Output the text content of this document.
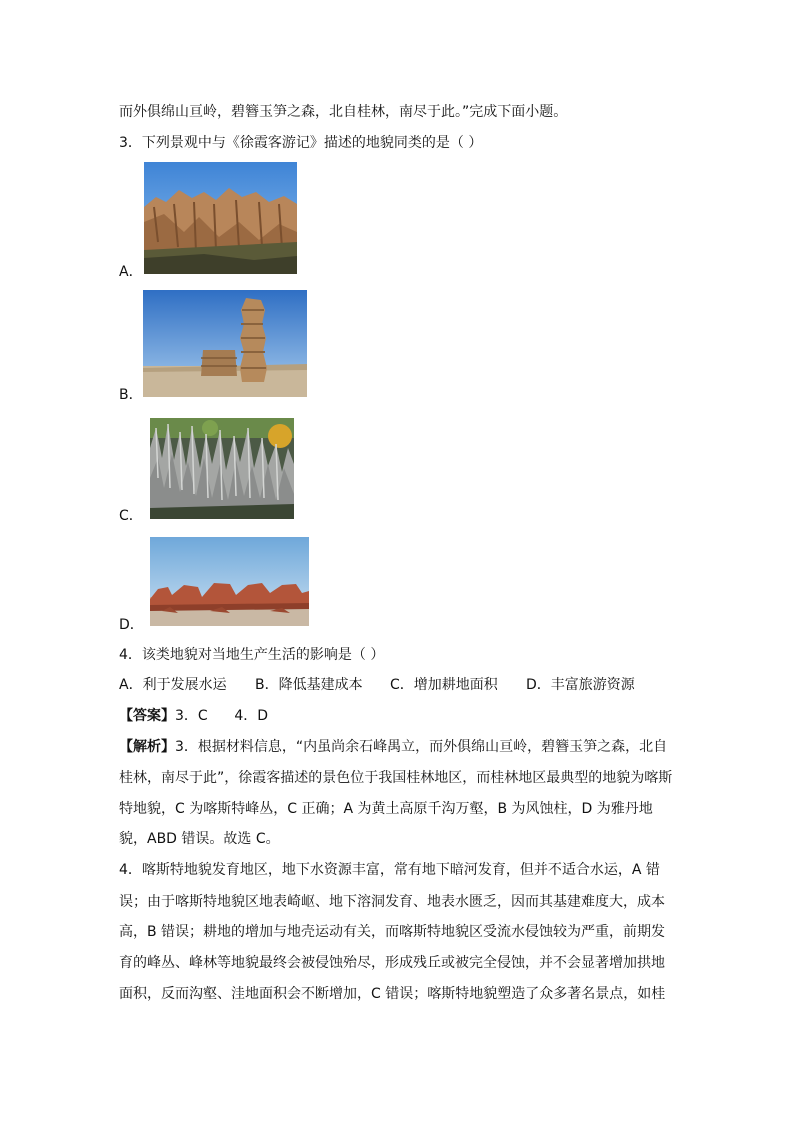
而外俱绵山亘岭，碧簪玉笋之森，北自桂林，南尽于此。”完成下面小题。
3．下列景观中与《徐霞客游记》描述的地貌同类的是（ ）
A．
B．
C．
D．
4．该类地貌对当地生产生活的影响是（ ）
A．利于发展水运 B．降低基建成本 C．增加耕地面积 D．丰富旅游资源
【答案】3．C      4．D
【解析】3．根据材料信息，“内虽尚余石峰禺立，而外俱绵山亘岭，碧簪玉笋之森，北自
桂林，南尽于此”，徐霞客描述的景色位于我国桂林地区，而桂林地区最典型的地貌为喀斯
特地貌，C 为喀斯特峰丛，C 正确；A 为黄土高原千沟万壑，B 为风蚀柱，D 为雅丹地
貌，ABD 错误。故选 C。
4．喀斯特地貌发育地区，地下水资源丰富，常有地下暗河发育，但并不适合水运，A 错
误；由于喀斯特地貌区地表崎岖、地下溶洞发育、地表水匮乏，因而其基建难度大，成本
高，B 错误；耕地的增加与地壳运动有关，而喀斯特地貌区受流水侵蚀较为严重，前期发
育的峰丛、峰林等地貌最终会被侵蚀殆尽，形成残丘或被完全侵蚀，并不会显著增加拱地
面积，反而沟壑、洼地面积会不断增加，C 错误；喀斯特地貌塑造了众多著名景点，如桂
